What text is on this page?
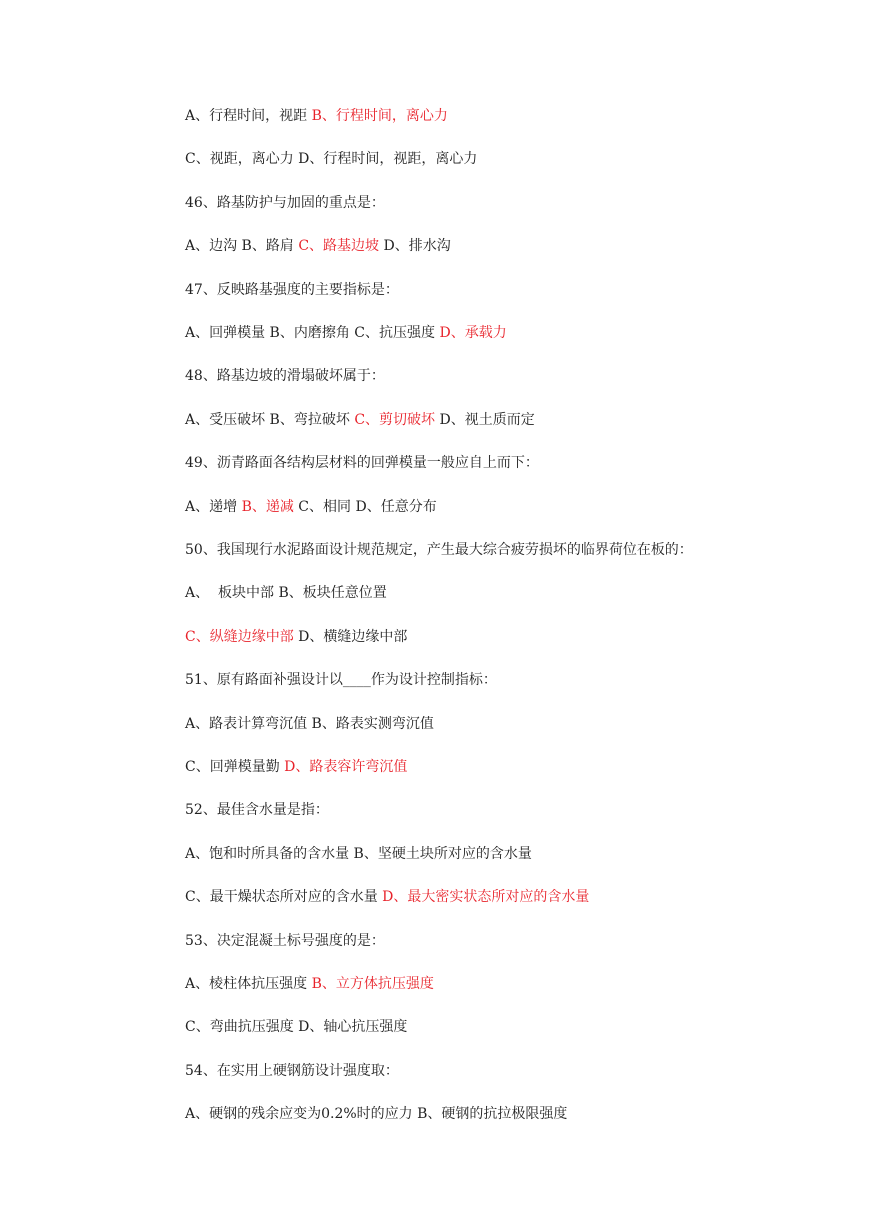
A、行程时间，视距 B、行程时间，离心力
C、视距，离心力 D、行程时间，视距，离心力
46、路基防护与加固的重点是：
A、边沟 B、路肩 C、路基边坡 D、排水沟
47、反映路基强度的主要指标是：
A、回弹模量 B、内磨擦角 C、抗压强度 D、承载力
48、路基边坡的滑塌破坏属于：
A、受压破坏 B、弯拉破坏 C、剪切破坏 D、视土质而定
49、沥青路面各结构层材料的回弹模量一般应自上而下：
A、递增 B、递减 C、相同 D、任意分布
50、我国现行水泥路面设计规范规定，产生最大综合疲劳损坏的临界荷位在板的：
A、  板块中部 B、板块任意位置
C、纵缝边缘中部 D、横缝边缘中部
51、原有路面补强设计以____作为设计控制指标：
A、路表计算弯沉值 B、路表实测弯沉值
C、回弹模量勤 D、路表容许弯沉值
52、最佳含水量是指：
A、饱和时所具备的含水量 B、坚硬土块所对应的含水量
C、最干燥状态所对应的含水量 D、最大密实状态所对应的含水量
53、决定混凝土标号强度的是：
A、棱柱体抗压强度 B、立方体抗压强度
C、弯曲抗压强度 D、轴心抗压强度
54、在实用上硬钢筋设计强度取：
A、硬钢的残余应变为0.2%时的应力 B、硬钢的抗拉极限强度
